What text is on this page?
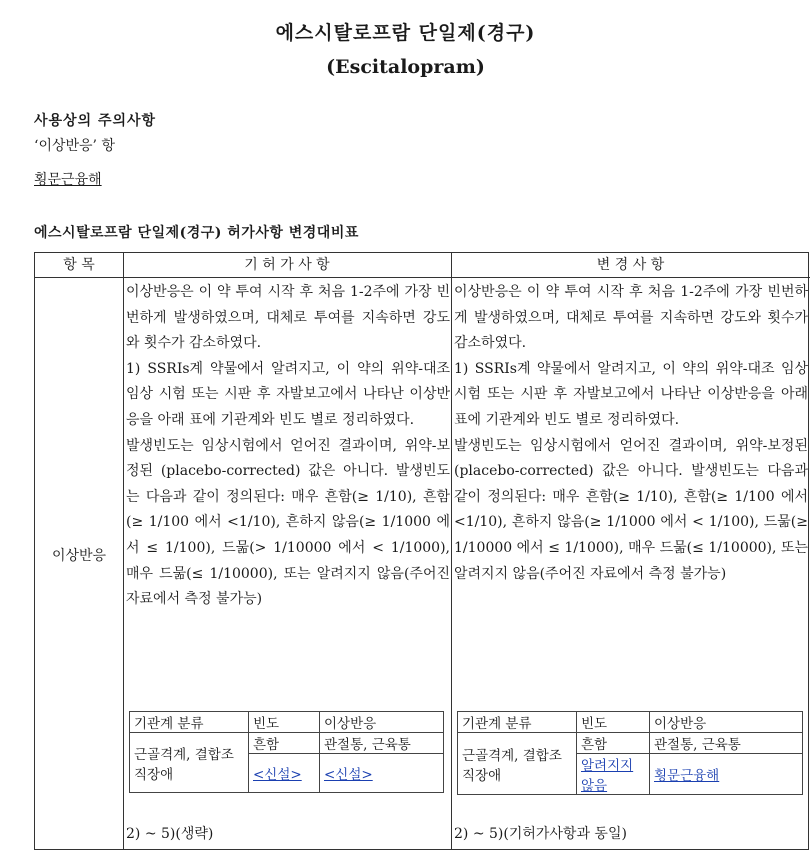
에스시탈로프람 단일제(경구)
(Escitalopram)
사용상의 주의사항
‘이상반응’ 항
횡문근융해
에스시탈로프람 단일제(경구) 허가사항 변경대비표
항 목	기 허 가 사 항	변 경 사 항
이상반응

이상반응은 이 약 투여 시작 후 처음 1-2주에 가장 빈번하게 발생하였으며, 대체로 투여를 지속하면 강도와 횟수가 감소하였다.

1) SSRIs계 약물에서 알려지고, 이 약의 위약-대조 임상 시험 또는 시판 후 자발보고에서 나타난 이상반응을 아래 표에 기관계와 빈도 별로 정리하였다.

발생빈도는 임상시험에서 얻어진 결과이며, 위약-보정된 (placebo-corrected) 값은 아니다. 발생빈도는 다음과 같이 정의된다: 매우 흔함(≥ 1/10), 흔함(≥ 1/100 에서 <1/10), 흔하지 않음(≥ 1/1000 에서 ≤ 1/100), 드묾(> 1/10000 에서 < 1/1000), 매우 드묾(≤ 1/10000), 또는 알려지지 않음(주어진 자료에서 측정 불가능)

기관계 분류	빈도	이상반응
근골격계, 결합조직장애	흔함	관절통, 근육통
	<신설>	<신설>
2) ~ 5)(생략)

이상반응은 이 약 투여 시작 후 처음 1-2주에 가장 빈번하게 발생하였으며, 대체로 투여를 지속하면 강도와 횟수가 감소하였다.

1) SSRIs계 약물에서 알려지고, 이 약의 위약-대조 임상 시험 또는 시판 후 자발보고에서 나타난 이상반응을 아래 표에 기관계와 빈도 별로 정리하였다.

발생빈도는 임상시험에서 얻어진 결과이며, 위약-보정된 (placebo-corrected) 값은 아니다. 발생빈도는 다음과 같이 정의된다: 매우 흔함(≥ 1/10), 흔함(≥ 1/100 에서 <1/10), 흔하지 않음(≥ 1/1000 에서 < 1/100), 드묾(≥ 1/10000 에서 ≤ 1/1000), 매우 드묾(≤ 1/10000), 또는 알려지지 않음(주어진 자료에서 측정 불가능)

기관계 분류	빈도	이상반응
근골격계, 결합조직장애	흔함	관절통, 근육통
	알려지지 않음	횡문근융해
2) ~ 5)(기허가사항과 동일)
